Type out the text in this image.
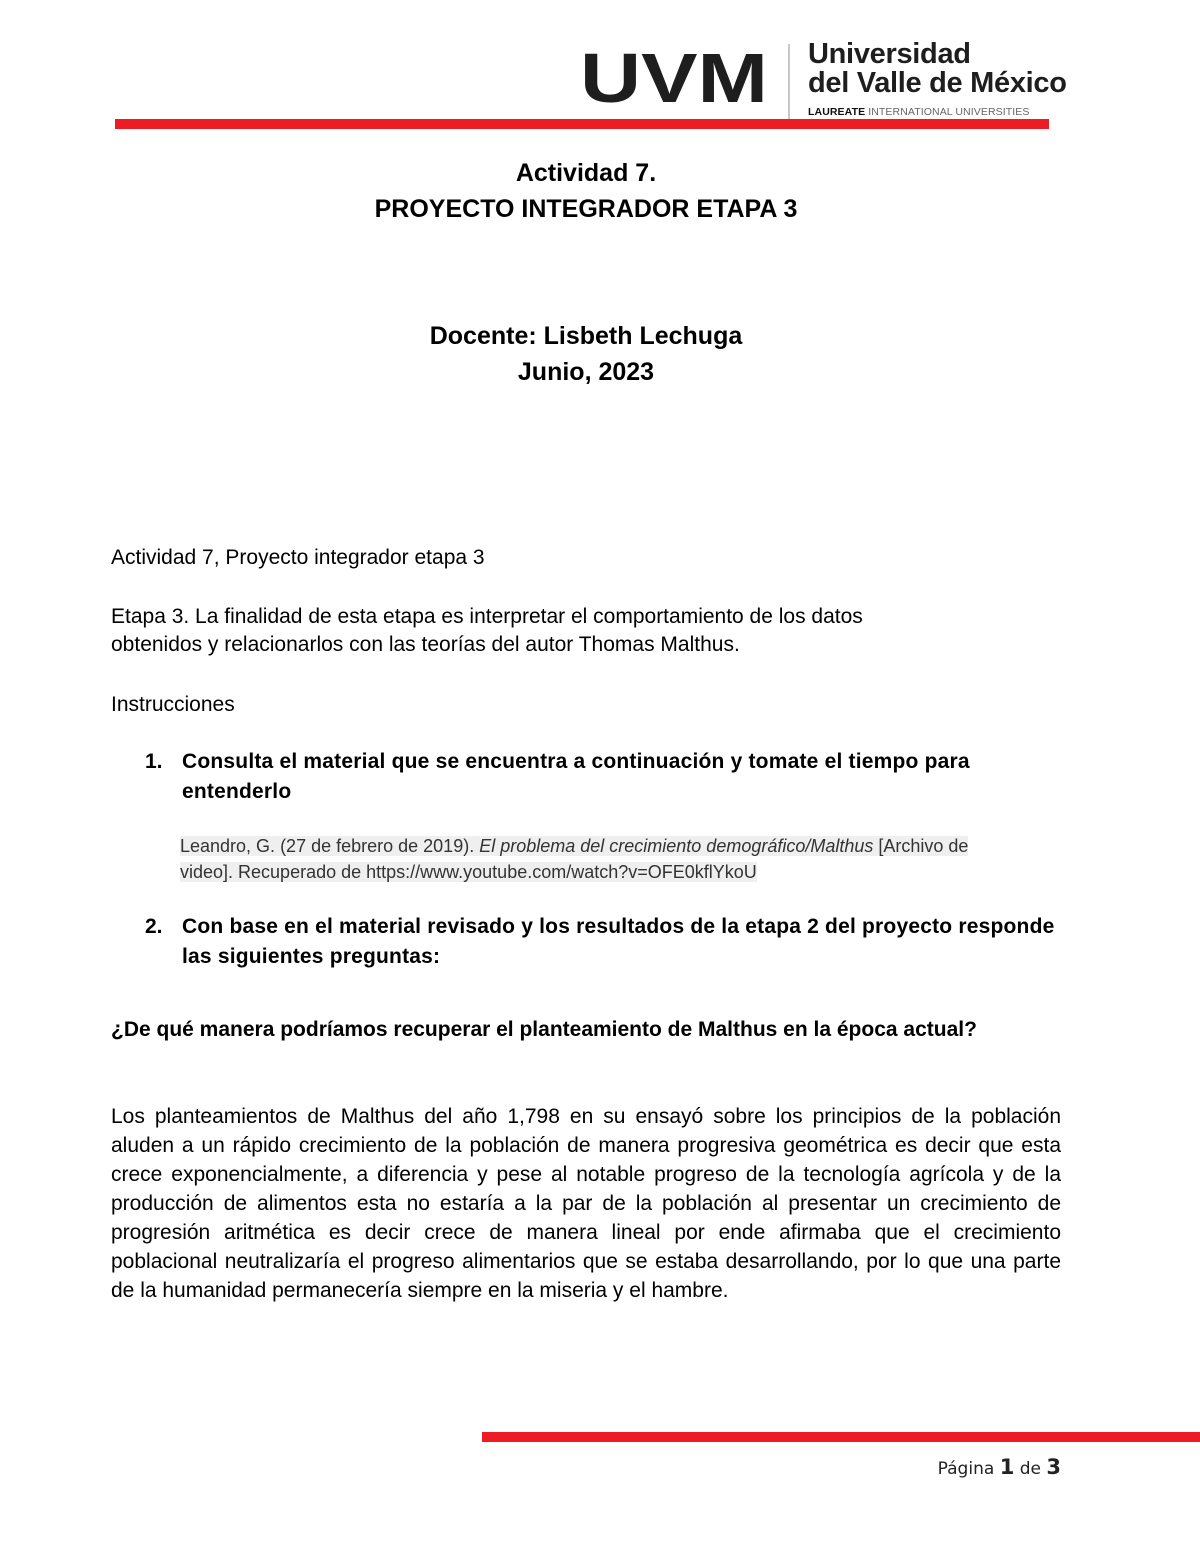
UVM Universidad
del Valle de México
LAUREATE INTERNATIONAL UNIVERSITIES
Actividad 7.
PROYECTO INTEGRADOR ETAPA 3
Docente: Lisbeth Lechuga
Junio, 2023
Actividad 7, Proyecto integrador etapa 3
Etapa 3. La finalidad de esta etapa es interpretar el comportamiento de los datos
obtenidos y relacionarlos con las teorías del autor Thomas Malthus.
Instrucciones
1. Consulta el material que se encuentra a continuación y tomate el tiempo para entenderlo
Leandro, G. (27 de febrero de 2019). El problema del crecimiento demográfico/Malthus [Archivo de
video]. Recuperado de https://www.youtube.com/watch?v=OFE0kflYkoU
2. Con base en el material revisado y los resultados de la etapa 2 del proyecto responde las siguientes preguntas:
¿De qué manera podríamos recuperar el planteamiento de Malthus en la época actual?
Los planteamientos de Malthus del año 1,798 en su ensayó sobre los principios de la población aluden a un rápido crecimiento de la población de manera progresiva geométrica es decir que esta crece exponencialmente, a diferencia y pese al notable progreso de la tecnología agrícola y de la producción de alimentos esta no estaría a la par de la población al presentar un crecimiento de progresión aritmética es decir crece de manera lineal por ende afirmaba que el crecimiento poblacional neutralizaría el progreso alimentarios que se estaba desarrollando, por lo que una parte de la humanidad permanecería siempre en la miseria y el hambre.
Página 1 de 3
